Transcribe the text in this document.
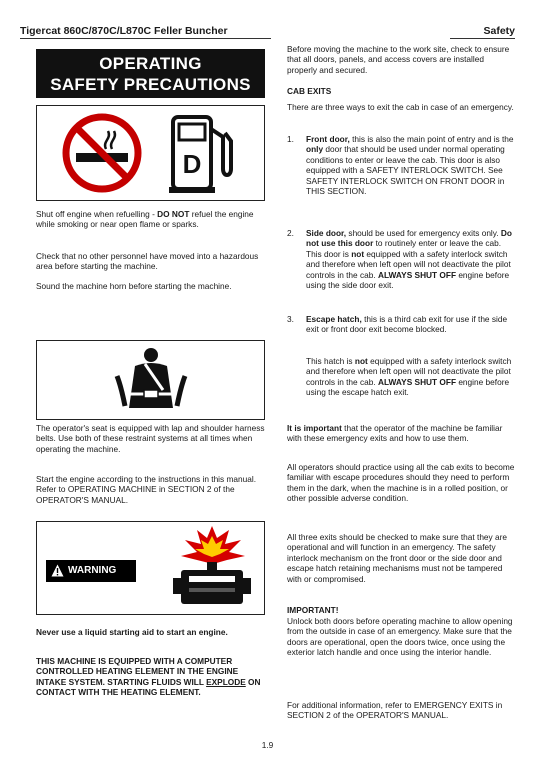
Tigercat 860C/870C/L870C Feller Buncher	Safety
OPERATING
SAFETY PRECAUTIONS
D
Shut off engine when refuelling - DO NOT refuel the engine while smoking or near open flame or sparks.
Check that no other personnel have moved into a hazardous area before starting the machine.
Sound the machine horn before starting the machine.
The operator's seat is equipped with lap and shoulder harness belts. Use both of these restraint systems at all times when operating the machine.
Start the engine according to the instructions in this manual. Refer to OPERATING MACHINE in SECTION 2 of the OPERATOR'S MANUAL.
WARNING
Never use a liquid starting aid to start an engine.
THIS MACHINE IS EQUIPPED WITH A COMPUTER CONTROLLED HEATING ELEMENT IN THE ENGINE INTAKE SYSTEM. STARTING FLUIDS WILL EXPLODE ON CONTACT WITH THE HEATING ELEMENT.
Before moving the machine to the work site, check to ensure that all doors, panels, and access covers are installed properly and secured.
CAB EXITS
There are three ways to exit the cab in case of an emergency.
1. Front door, this is also the main point of entry and is the only door that should be used under normal operating conditions to enter or leave the cab. This door is also equipped with a SAFETY INTERLOCK SWITCH. See SAFETY INTERLOCK SWITCH ON FRONT DOOR in THIS SECTION.
2. Side door, should be used for emergency exits only. Do not use this door to routinely enter or leave the cab. This door is not equipped with a safety interlock switch and therefore when left open will not deactivate the pilot controls in the cab. ALWAYS SHUT OFF engine before using the side door exit.
3. Escape hatch, this is a third cab exit for use if the side exit or front door exit become blocked.
This hatch is not equipped with a safety interlock switch and therefore when left open will not deactivate the pilot controls in the cab. ALWAYS SHUT OFF engine before using the escape hatch exit.
It is important that the operator of the machine be familiar with these emergency exits and how to use them.
All operators should practice using all the cab exits to become familiar with escape procedures should they need to perform them in the dark, when the machine is in a rolled position, or other possible adverse condition.
All three exits should be checked to make sure that they are operational and will function in an emergency. The safety interlock mechanism on the front door or the side door and escape hatch retaining mechanisms must not be tampered with or compromised.
IMPORTANT!
Unlock both doors before operating machine to allow opening from the outside in case of an emergency. Make sure that the doors are operational, open the doors twice, once using the exterior latch handle and once using the interior handle.
For additional information, refer to EMERGENCY EXITS in SECTION 2 of the OPERATOR'S MANUAL.
1.9
